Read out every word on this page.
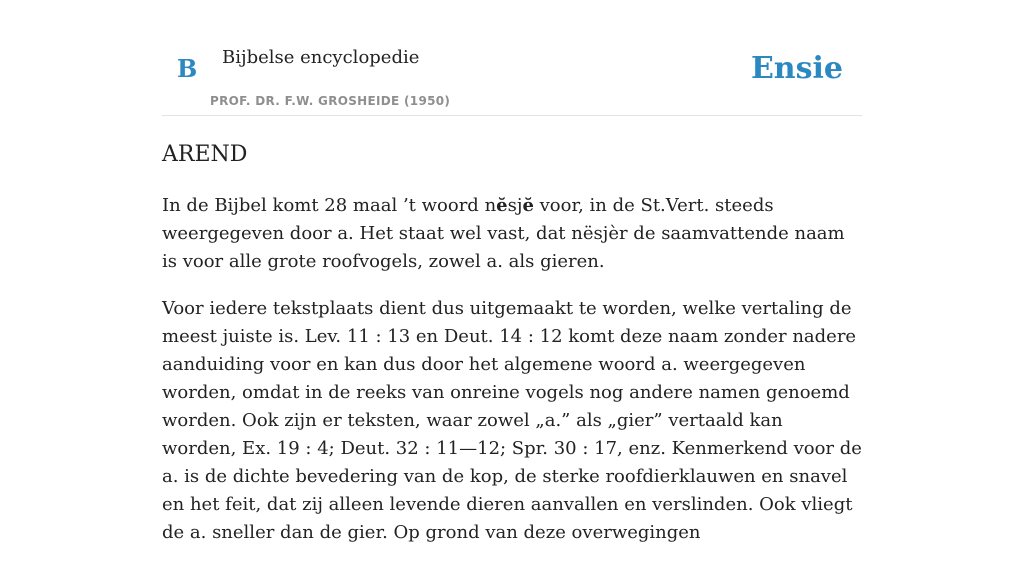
B Bijbelse encyclopedie
PROF. DR. F.W. GROSHEIDE (1950)
Ensie
AREND

In de Bijbel komt 28 maal ’t woord nĕsjĕ voor, in de St.Vert. steeds weergegeven door a. Het staat wel vast, dat nësjèr de saamvattende naam is voor alle grote roofvogels, zowel a. als gieren.

Voor iedere tekstplaats dient dus uitgemaakt te worden, welke vertaling de meest juiste is. Lev. 11 : 13 en Deut. 14 : 12 komt deze naam zonder nadere aanduiding voor en kan dus door het algemene woord a. weergegeven worden, omdat in de reeks van onreine vogels nog andere namen genoemd worden. Ook zijn er teksten, waar zowel „a.” als „gier” vertaald kan worden, Ex. 19 : 4; Deut. 32 : 11—12; Spr. 30 : 17, enz. Kenmerkend voor de a. is de dichte bevedering van de kop, de sterke roofdierklauwen en snavel en het feit, dat zij alleen levende dieren aanvallen en verslinden. Ook vliegt de a. sneller dan de gier. Op grond van deze overwegingen
